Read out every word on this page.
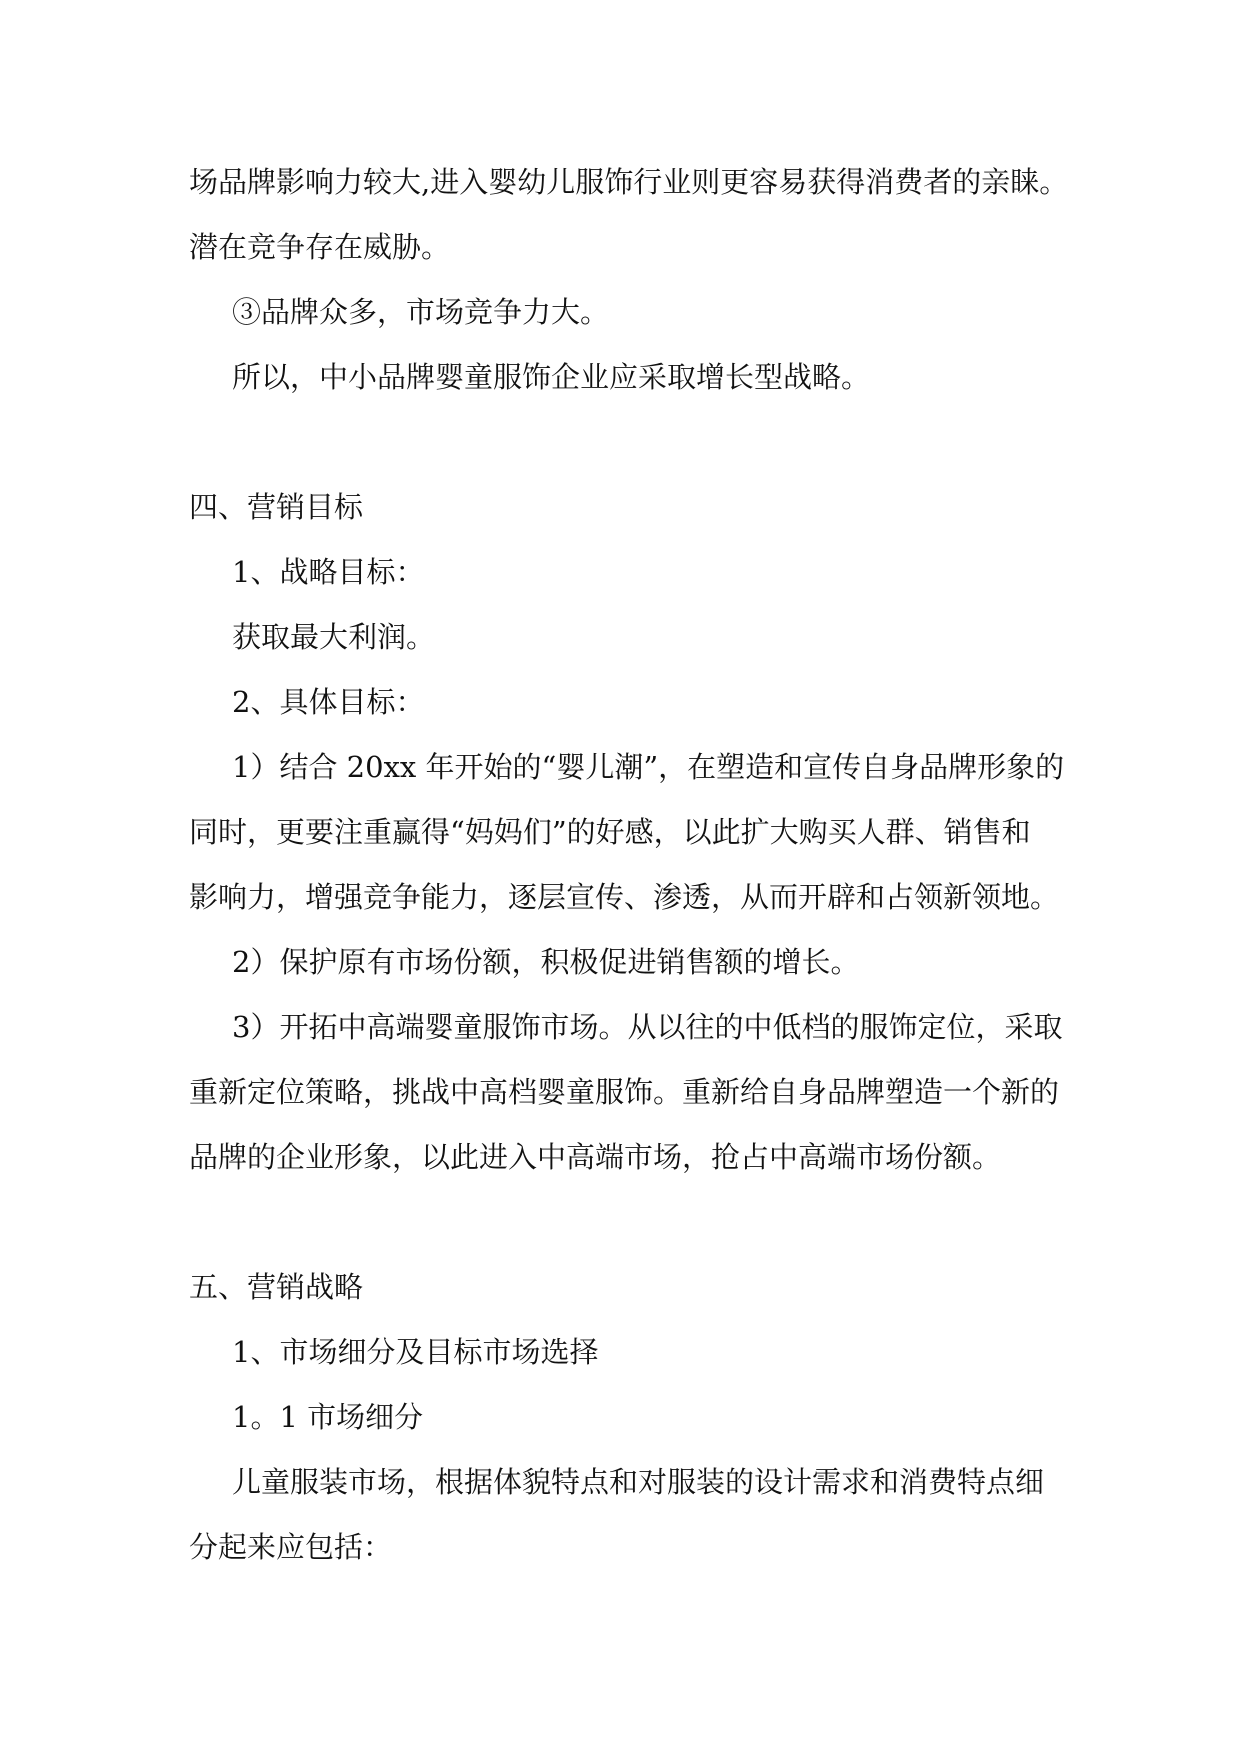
场品牌影响力较大,进入婴幼儿服饰行业则更容易获得消费者的亲睐。

潜在竞争存在威胁。

③品牌众多，市场竞争力大。

所以，中小品牌婴童服饰企业应采取增长型战略。

四、营销目标

1、战略目标：

获取最大利润。

2、具体目标：

1）结合 20xx 年开始的“婴儿潮”，在塑造和宣传自身品牌形象的

同时，更要注重赢得“妈妈们”的好感，以此扩大购买人群、销售和

影响力，增强竞争能力，逐层宣传、渗透，从而开辟和占领新领地。

2）保护原有市场份额，积极促进销售额的增长。

3）开拓中高端婴童服饰市场。从以往的中低档的服饰定位，采取

重新定位策略，挑战中高档婴童服饰。重新给自身品牌塑造一个新的

品牌的企业形象，以此进入中高端市场，抢占中高端市场份额。

五、营销战略

1、市场细分及目标市场选择

1。1 市场细分

儿童服装市场，根据体貌特点和对服装的设计需求和消费特点细

分起来应包括：
